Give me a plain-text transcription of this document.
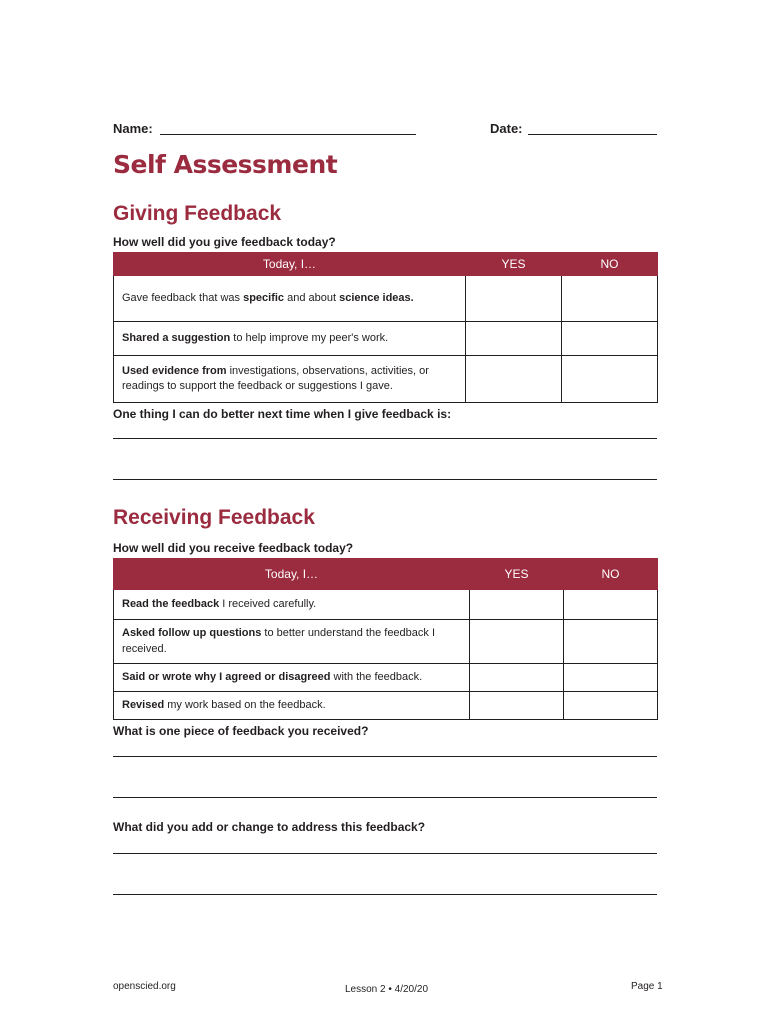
Name:	Date:
Self Assessment
Giving Feedback
How well did you give feedback today?
Today, I…	YES	NO
Gave feedback that was specific and about science ideas.		
Shared a suggestion to help improve my peer's work.		
Used evidence from investigations, observations, activities, or readings to support the feedback or suggestions I gave.		
One thing I can do better next time when I give feedback is:
Receiving Feedback
How well did you receive feedback today?
Today, I…	YES	NO
Read the feedback I received carefully.		
Asked follow up questions to better understand the feedback I received.		
Said or wrote why I agreed or disagreed with the feedback.		
Revised my work based on the feedback.		
What is one piece of feedback you received?
What did you add or change to address this feedback?
openscied.org	Lesson 2 • 4/20/20	Page 1
